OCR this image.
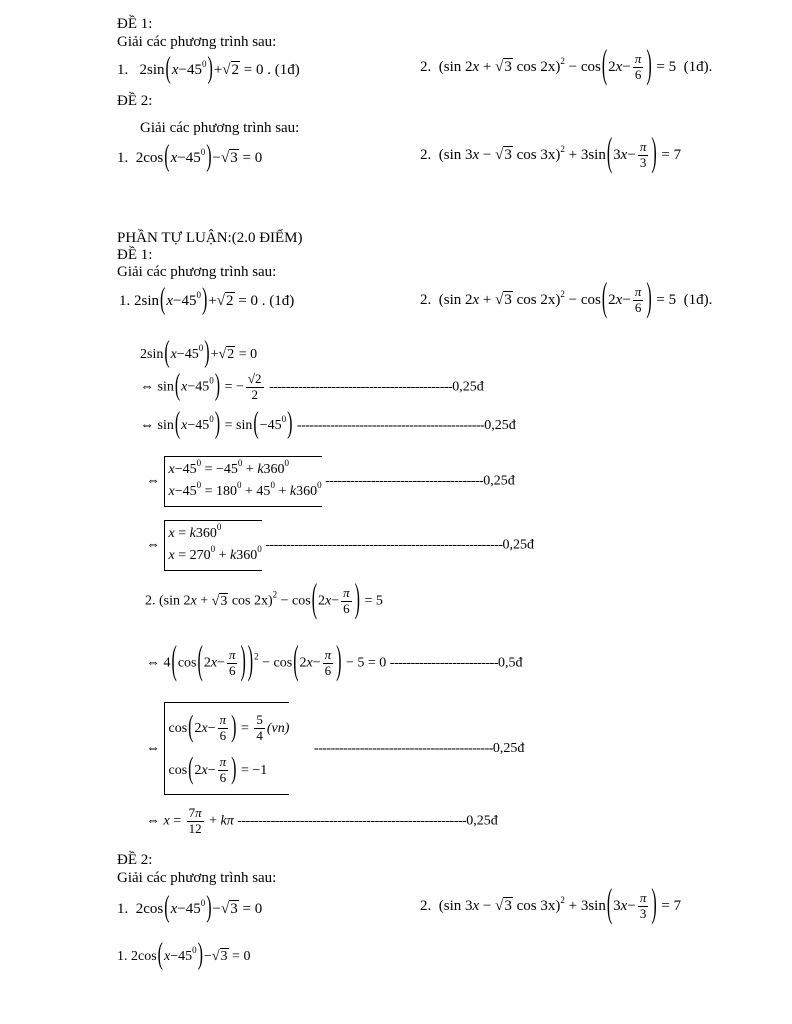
ĐỀ 1:
Giải các phương trình sau:
1.   $2\sin(x-45^0)+√2 = 0$ . (1đ)	2.  (sin 2x + √3 $\cos 2x)^2 - \cos(2x- \frac{\pi}{6}$ ) = 5  (1đ).
ĐỀ 2:
Giải các phương trình sau:
1.  $2\cos(x-45^0)-√3 = 0$	2.  (sin 3x − √3 $\cos 3x)^2 + 3\sin(3x- \frac{\pi}{3}$ ) = 7
PHẦN TỰ LUẬN:(2.0 ĐIỂM)
ĐỀ 1:
Giải các phương trình sau:
1. $2\sin(x-45^0)+√2 = 0$ . (1đ)	2.  (sin 2x + √3 $\cos 2x)^2 - \cos(2x- \frac{\pi}{6}$ ) = 5  (1đ).
$2\sin(x-45^0)+√2 = 0$
⇔ $\sin(x-45^0)$ = − $\frac{√2}{2}$ --------------------------------------------0,25đ
⇔ $\sin(x-45^0) = \sin(-45^0)$ ---------------------------------------------0,25đ
⇔
$x-45^0 = -45^0 + k360^0$
$x-45^0 = 180^0 + 45^0 + k360^0$ --------------------------------------0,25đ
⇔
$x = k360^0$
$x = 270^0 + k360^0$ ---------------------------------------------------------0,25đ
2. (sin 2x + √3 $\cos 2x)^2 - \cos(2x- \frac{\pi}{6}$ ) = 5
⇔ $4(\cos(2x- \frac{\pi}{6}$ ) )$^2 - \cos(2x- \frac{\pi}{6}$ ) − 5 = 0 --------------------------0,5đ
⇔
$\cos(2x- \frac{\pi}{6}$ ) = $\frac{5}{4} (vn)$
$\cos(2x- \frac{\pi}{6}$ ) = −1
-------------------------------------------0,25đ
⇔ $x = \frac{7\pi}{12} + k\pi$ -------------------------------------------------------0,25đ
ĐỀ 2:
Giải các phương trình sau:
1.  $2\cos(x-45^0)-√3 = 0$	2.  (sin 3x − √3 $\cos 3x)^2 + 3\sin(3x- \frac{\pi}{3}$ ) = 7
1. $2\cos(x-45^0)-√3 = 0$
